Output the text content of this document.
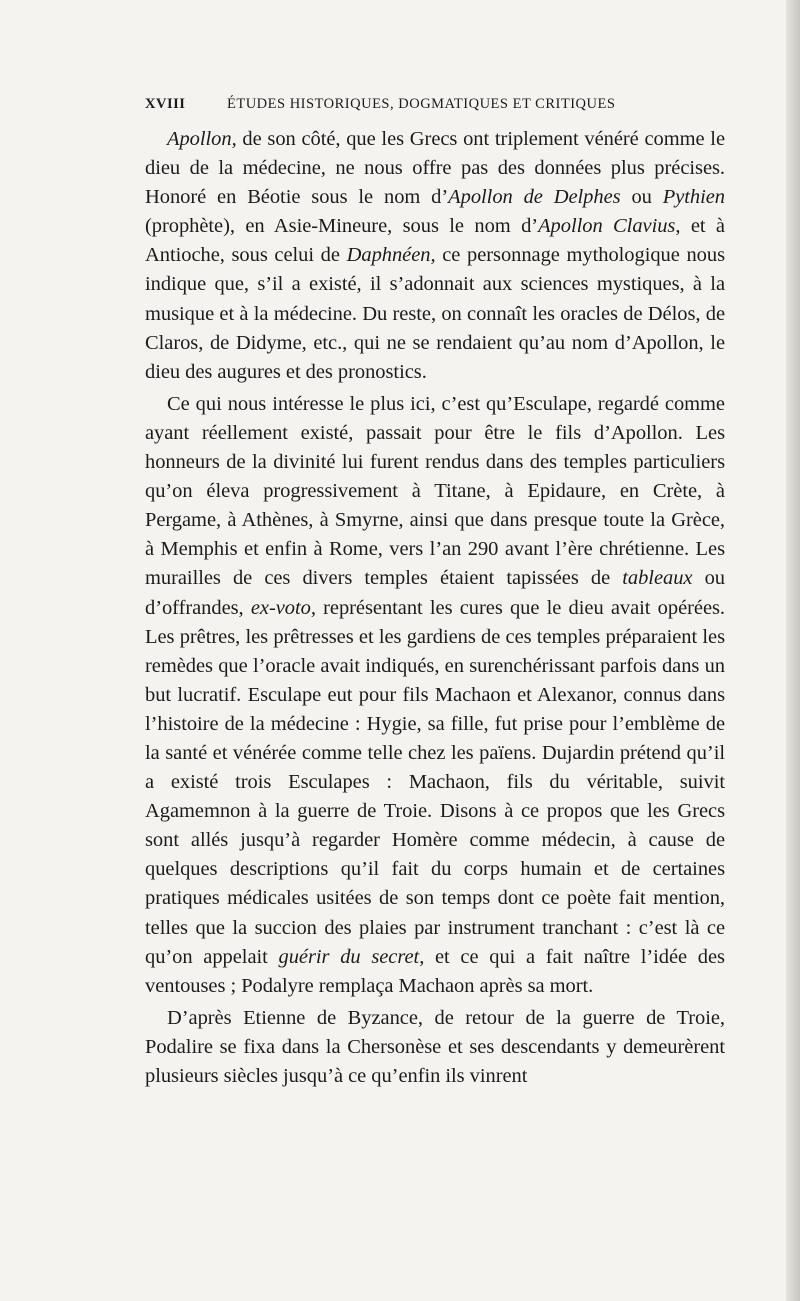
XVIII	ÉTUDES HISTORIQUES, DOGMATIQUES ET CRITIQUES

Apollon, de son côté, que les Grecs ont triplement vénéré comme le dieu de la médecine, ne nous offre pas des données plus précises. Honoré en Béotie sous le nom d’Apollon de Delphes ou Pythien (prophète), en Asie-Mineure, sous le nom d’Apollon Clavius, et à Antioche, sous celui de Daphnéen, ce personnage mythologique nous indique que, s’il a existé, il s’adonnait aux sciences mystiques, à la musique et à la médecine. Du reste, on connaît les oracles de Délos, de Claros, de Didyme, etc., qui ne se rendaient qu’au nom d’Apollon, le dieu des augures et des pronostics.

Ce qui nous intéresse le plus ici, c’est qu’Esculape, regardé comme ayant réellement existé, passait pour être le fils d’Apollon. Les honneurs de la divinité lui furent rendus dans des temples particuliers qu’on éleva progressivement à Titane, à Epidaure, en Crète, à Pergame, à Athènes, à Smyrne, ainsi que dans presque toute la Grèce, à Memphis et enfin à Rome, vers l’an 290 avant l’ère chrétienne. Les murailles de ces divers temples étaient tapissées de tableaux ou d’offrandes, ex-voto, représentant les cures que le dieu avait opérées. Les prêtres, les prêtresses et les gardiens de ces temples préparaient les remèdes que l’oracle avait indiqués, en surenchérissant parfois dans un but lucratif. Esculape eut pour fils Machaon et Alexanor, connus dans l’histoire de la médecine : Hygie, sa fille, fut prise pour l’emblème de la santé et vénérée comme telle chez les païens. Dujardin prétend qu’il a existé trois Esculapes : Machaon, fils du véritable, suivit Agamemnon à la guerre de Troie. Disons à ce propos que les Grecs sont allés jusqu’à regarder Homère comme médecin, à cause de quelques descriptions qu’il fait du corps humain et de certaines pratiques médicales usitées de son temps dont ce poète fait mention, telles que la succion des plaies par instrument tranchant : c’est là ce qu’on appelait guérir du secret, et ce qui a fait naître l’idée des ventouses ; Podalyre remplaça Machaon après sa mort.

D’après Etienne de Byzance, de retour de la guerre de Troie, Podalire se fixa dans la Chersonèse et ses descendants y demeurèrent plusieurs siècles jusqu’à ce qu’enfin ils vinrent
